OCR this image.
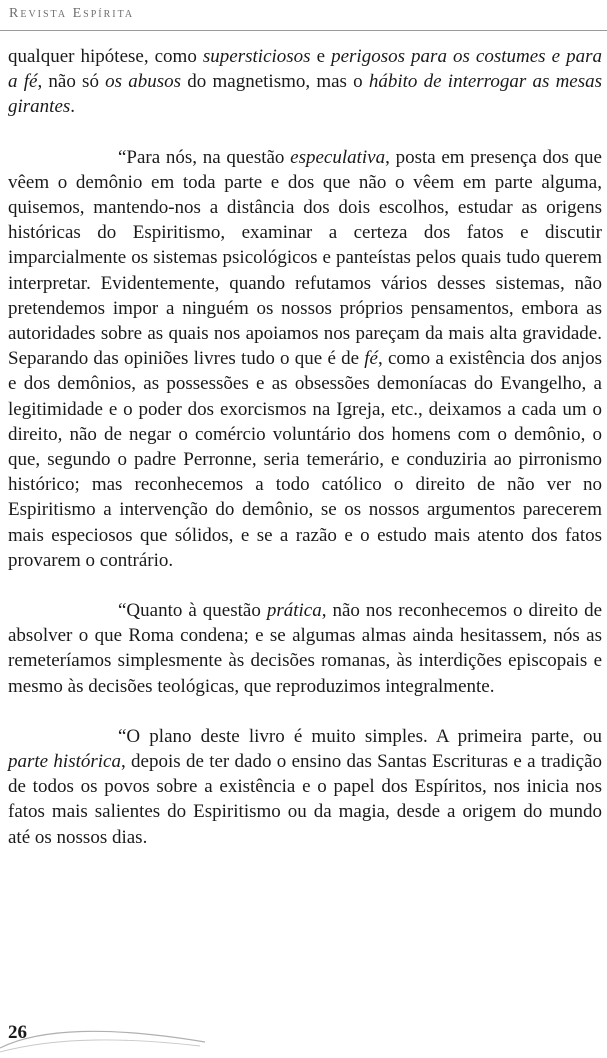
Revista Espírita

qualquer hipótese, como supersticiosos e perigosos para os costumes e para a fé, não só os abusos do magnetismo, mas o hábito de interrogar as mesas girantes.

“Para nós, na questão especulativa, posta em presença dos que vêem o demônio em toda parte e dos que não o vêem em parte alguma, quisemos, mantendo-nos a distância dos dois escolhos, estudar as origens históricas do Espiritismo, examinar a certeza dos fatos e discutir imparcialmente os sistemas psicológicos e panteístas pelos quais tudo querem interpretar. Evidentemente, quando refutamos vários desses sistemas, não pretendemos impor a ninguém os nossos próprios pensamentos, embora as autoridades sobre as quais nos apoiamos nos pareçam da mais alta gravidade. Separando das opiniões livres tudo o que é de fé, como a existência dos anjos e dos demônios, as possessões e as obsessões demoníacas do Evangelho, a legitimidade e o poder dos exorcismos na Igreja, etc., deixamos a cada um o direito, não de negar o comércio voluntário dos homens com o demônio, o que, segundo o padre Perronne, seria temerário, e conduziria ao pirronismo histórico; mas reconhecemos a todo católico o direito de não ver no Espiritismo a intervenção do demônio, se os nossos argumentos parecerem mais especiosos que sólidos, e se a razão e o estudo mais atento dos fatos provarem o contrário.

“Quanto à questão prática, não nos reconhecemos o direito de absolver o que Roma condena; e se algumas almas ainda hesitassem, nós as remeteríamos simplesmente às decisões romanas, às interdições episcopais e mesmo às decisões teológicas, que reproduzimos integralmente.

“O plano deste livro é muito simples. A primeira parte, ou parte histórica, depois de ter dado o ensino das Santas Escrituras e a tradição de todos os povos sobre a existência e o papel dos Espíritos, nos inicia nos fatos mais salientes do Espiritismo ou da magia, desde a origem do mundo até os nossos dias.

26
